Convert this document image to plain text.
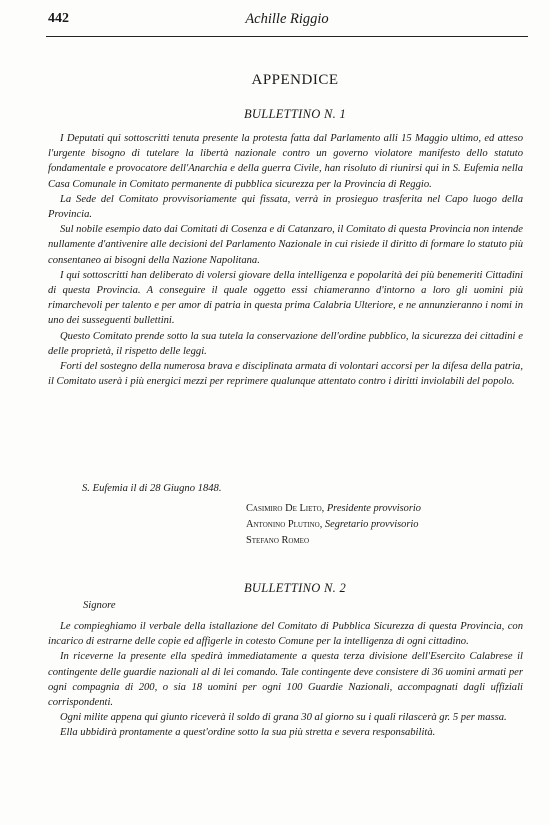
442	Achille Riggio
APPENDICE
BULLETTINO N. 1

I Deputati qui sottoscritti tenuta presente la protesta fatta dal Parlamento alli 15 Maggio ultimo, ed atteso l'urgente bisogno di tutelare la libertà nazionale contro un governo violatore manifesto dello statuto fondamentale e provocatore dell'Anarchia e della guerra Civile, han risoluto di riunirsi qui in S. Eufemia nella Casa Comunale in Comitato permanente di pubblica sicurezza per la Provincia di Reggio.

La Sede del Comitato provvisoriamente qui fissata, verrà in prosieguo trasferita nel Capo luogo della Provincia.

Sul nobile esempio dato dai Comitati di Cosenza e di Catanzaro, il Comitato di questa Provincia non intende nullamente d'antivenire alle decisioni del Parlamento Nazionale in cui risiede il diritto di formare lo statuto più consentaneo ai bisogni della Nazione Napolitana.

I qui sottoscritti han deliberato di volersi giovare della intelligenza e popolarità dei più benemeriti Cittadini di questa Provincia. A conseguire il quale oggetto essi chiameranno d'intorno a loro gli uomini più rimarchevoli per talento e per amor di patria in questa prima Calabria Ulteriore, e ne annunzieranno i nomi in uno dei susseguenti bullettini.

Questo Comitato prende sotto la sua tutela la conservazione dell'ordine pubblico, la sicurezza dei cittadini e delle proprietà, il rispetto delle leggi.

Forti del sostegno della numerosa brava e disciplinata armata di volontari accorsi per la difesa della patria, il Comitato userà i più energici mezzi per reprimere qualunque attentato contro i diritti inviolabili del popolo.

S. Eufemia il di 28 Giugno 1848.
Casimiro De Lieto, Presidente provvisorio
Antonino Plutino, Segretario provvisorio
Stefano Romeo
BULLETTINO N. 2
Signore

Le compieghiamo il verbale della istallazione del Comitato di Pubblica Sicurezza di questa Provincia, con incarico di estrarne delle copie ed affigerle in cotesto Comune per la intelligenza di ogni cittadino.

In riceverne la presente ella spedirà immediatamente a questa terza divisione dell'Esercito Calabrese il contingente delle guardie nazionali al di lei comando. Tale contingente deve consistere di 36 uomini armati per ogni compagnia di 200, o sia 18 uomini per ogni 100 Guardie Nazionali, accompagnati dagli uffiziali corrispondenti.

Ogni milite appena qui giunto riceverà il soldo di grana 30 al giorno su i quali rilascerà gr. 5 per massa.

Ella ubbidirà prontamente a quest'ordine sotto la sua più stretta e severa responsabilità.
